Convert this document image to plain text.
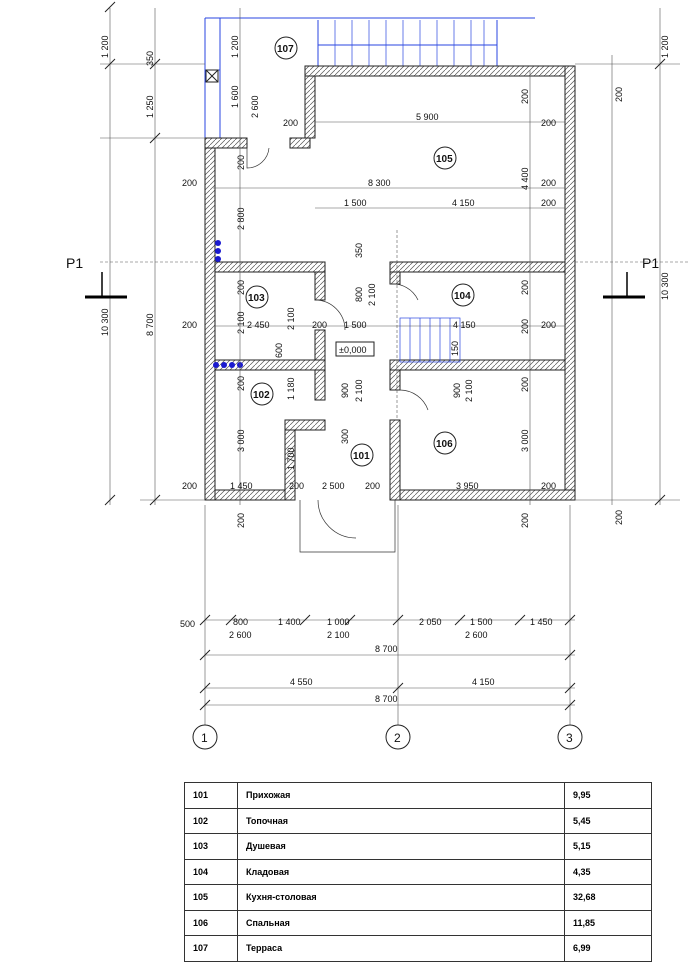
P1	P1
107
105
103	104
102
101
106
±0,000
1 200
350
1 250
8 700
10 300
1 200
1 600 2 600
1 200
200
10 300
200
200
4 400
200
200
200
3 000
200
200
5 900
200
200	8 300	200
1 500	4 150	200
200	2 450	200 1 500	4 150	200
200	1 450	200 2 500 200	3 950	200
200
2 800
200
2 100
200
3 000
200
2 100
600
350
800 2 100
1 180	900 2 100
300
1 700
900 2 100
150
500	800	1 400	1 000	2 050	1 500	1 450
2 600	2 100	2 600
8 700
4 550	4 150
8 700
1	2	3
101	Прихожая	9,95
102	Топочная	5,45
103	Душевая	5,15
104	Кладовая	4,35
105	Кухня-столовая	32,68
106	Спальная	11,85
107	Терраса	6,99
